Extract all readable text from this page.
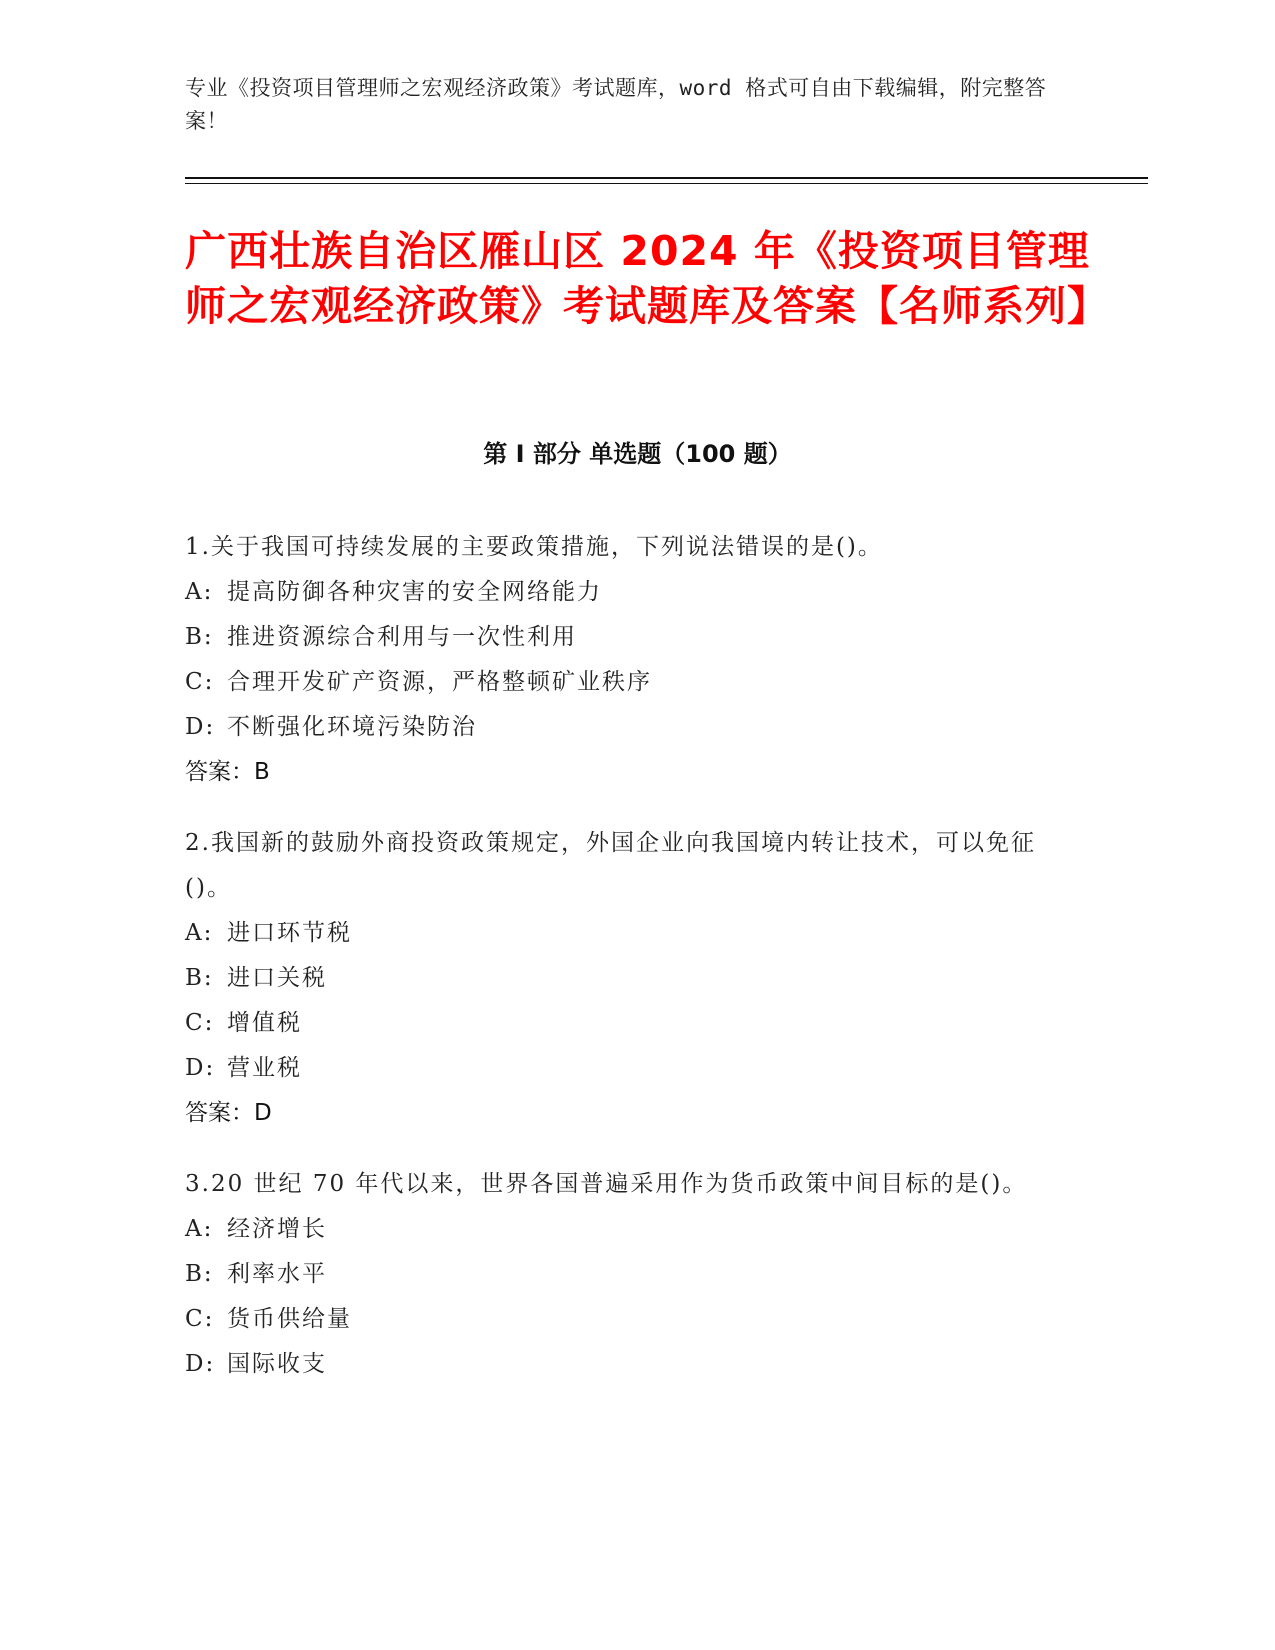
专业《投资项目管理师之宏观经济政策》考试题库，word 格式可自由下载编辑，附完整答案！
广西壮族自治区雁山区 2024 年《投资项目管理师之宏观经济政策》考试题库及答案【名师系列】
第 I 部分 单选题（100 题）
1.关于我国可持续发展的主要政策措施，下列说法错误的是()。
A: 提高防御各种灾害的安全网络能力
B: 推进资源综合利用与一次性利用
C: 合理开发矿产资源，严格整顿矿业秩序
D: 不断强化环境污染防治
答案：B
2.我国新的鼓励外商投资政策规定，外国企业向我国境内转让技术，可以免征()。
A: 进口环节税
B: 进口关税
C: 增值税
D: 营业税
答案：D
3.20 世纪 70 年代以来，世界各国普遍采用作为货币政策中间目标的是()。
A: 经济增长
B: 利率水平
C: 货币供给量
D: 国际收支
